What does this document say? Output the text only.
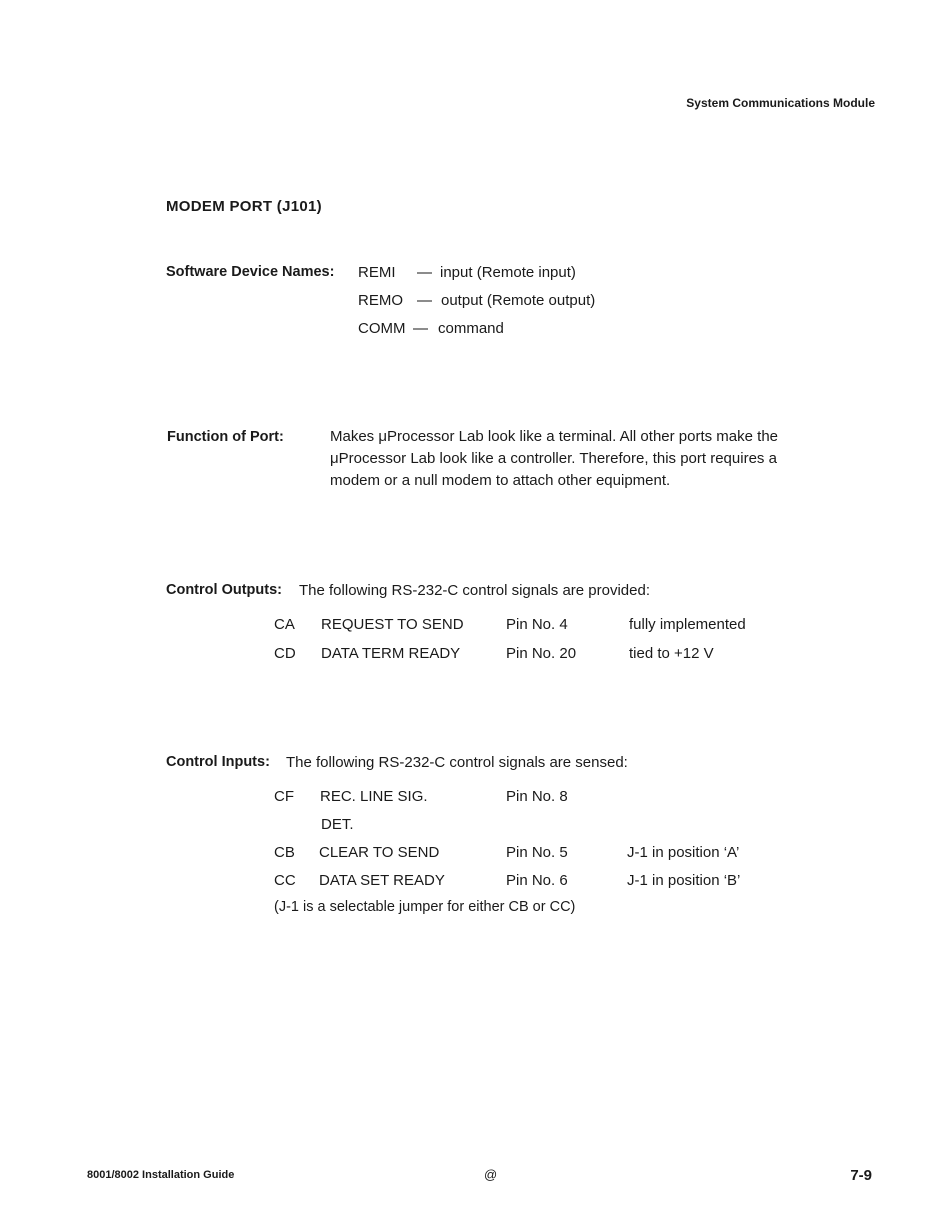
System Communications Module
MODEM PORT (J101)
Software Device Names: REMI — input (Remote input)
REMO — output (Remote output)
COMM — command
Function of Port:	Makes μProcessor Lab look like a terminal. All other ports make the μProcessor Lab look like a controller. Therefore, this port requires a modem or a null modem to attach other equipment.
Control Outputs: The following RS-232-C control signals are provided:
CA REQUEST TO SEND	Pin No. 4	fully implemented
CD DATA TERM READY	Pin No. 20	tied to +12 V
Control Inputs: The following RS-232-C control signals are sensed:
CF REC. LINE SIG.	Pin No. 8
DET.
CB CLEAR TO SEND	Pin No. 5	J-1 in position ‘A’
CC DATA SET READY	Pin No. 6	J-1 in position ‘B’
(J-1 is a selectable jumper for either CB or CC)
8001/8002 Installation Guide	@	7-9
